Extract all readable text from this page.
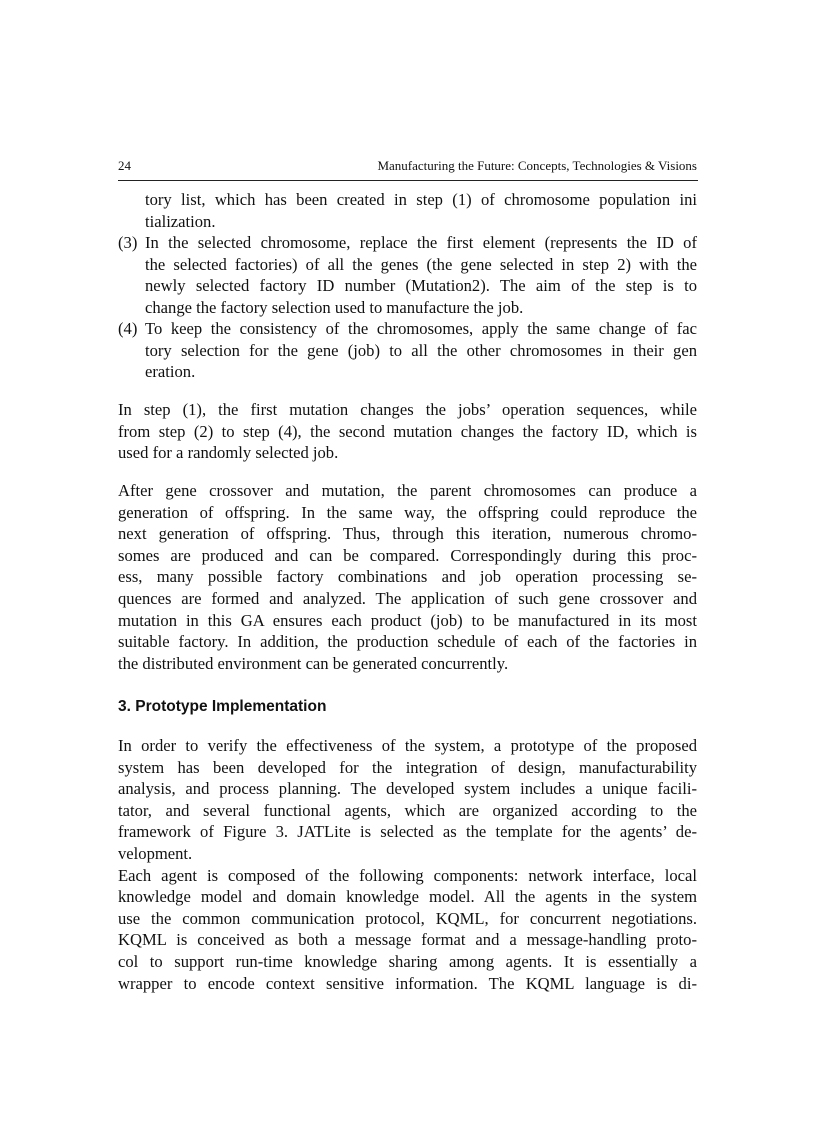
24	Manufacturing the Future: Concepts, Technologies & Visions
tory list, which has been created in step (1) of chromosome population ini
tialization.
(3) In the selected chromosome, replace the first element (represents the ID of
the selected factories) of all the genes (the gene selected in step 2) with the
newly selected factory ID number (Mutation2). The aim of the step is to
change the factory selection used to manufacture the job.
(4) To keep the consistency of the chromosomes, apply the same change of fac
tory selection for the gene (job) to all the other chromosomes in their gen
eration.
In step (1), the first mutation changes the jobs’ operation sequences, while
from step (2) to step (4), the second mutation changes the factory ID, which is
used for a randomly selected job.
After gene crossover and mutation, the parent chromosomes can produce a
generation of offspring. In the same way, the offspring could reproduce the
next generation of offspring. Thus, through this iteration, numerous chromo-
somes are produced and can be compared. Correspondingly during this proc-
ess, many possible factory combinations and job operation processing se-
quences are formed and analyzed. The application of such gene crossover and
mutation in this GA ensures each product (job) to be manufactured in its most
suitable factory. In addition, the production schedule of each of the factories in
the distributed environment can be generated concurrently.
3. Prototype Implementation
In order to verify the effectiveness of the system, a prototype of the proposed
system has been developed for the integration of design, manufacturability
analysis, and process planning. The developed system includes a unique facili-
tator, and several functional agents, which are organized according to the
framework of Figure 3. JATLite is selected as the template for the agents’ de-
velopment.
Each agent is composed of the following components: network interface, local
knowledge model and domain knowledge model. All the agents in the system
use the common communication protocol, KQML, for concurrent negotiations.
KQML is conceived as both a message format and a message-handling proto-
col to support run-time knowledge sharing among agents. It is essentially a
wrapper to encode context sensitive information. The KQML language is di-
